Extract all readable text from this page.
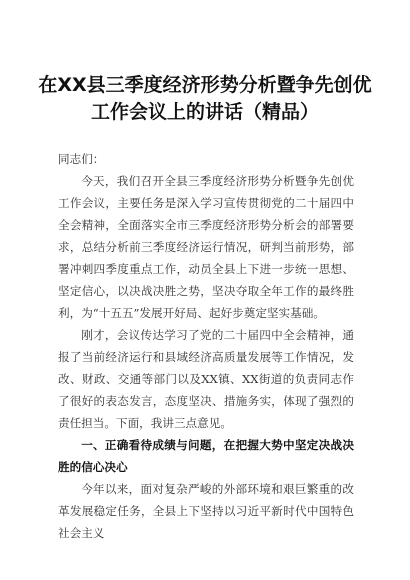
在XX县三季度经济形势分析暨争先创优
工作会议上的讲话（精品）

同志们：

今天，我们召开全县三季度经济形势分析暨争先创优工作会议，主要任务是深入学习宣传贯彻党的二十届四中全会精神，全面落实全市三季度经济形势分析会的部署要求，总结分析前三季度经济运行情况，研判当前形势，部署冲刺四季度重点工作，动员全县上下进一步统一思想、坚定信心，以决战决胜之势，坚决夺取全年工作的最终胜利，为“十五五”发展开好局、起好步奠定坚实基础。

刚才，会议传达学习了党的二十届四中全会精神，通报了当前经济运行和县域经济高质量发展等工作情况，发改、财政、交通等部门以及XX镇、XX街道的负责同志作了很好的表态发言，态度坚决、措施务实，体现了强烈的责任担当。下面，我讲三点意见。

一、正确看待成绩与问题，在把握大势中坚定决战决胜的信心决心

今年以来，面对复杂严峻的外部环境和艰巨繁重的改革发展稳定任务，全县上下坚持以习近平新时代中国特色社会主义
